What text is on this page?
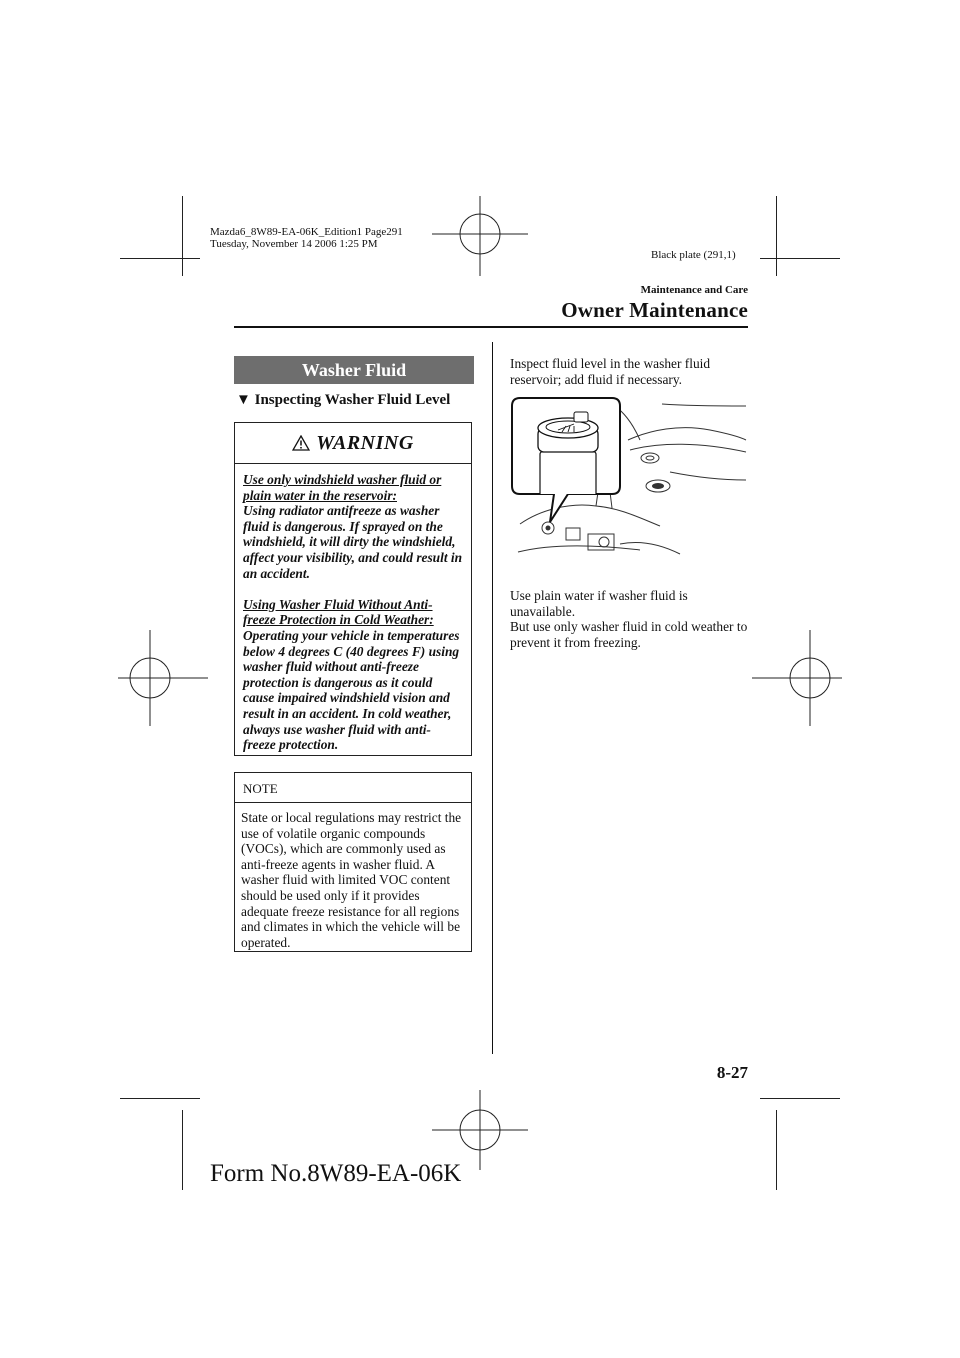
Mazda6_8W89-EA-06K_Edition1 Page291
Tuesday, November 14 2006 1:25 PM
Black plate (291,1)
Maintenance and Care
Owner Maintenance
Washer Fluid
▼ Inspecting Washer Fluid Level
WARNING
Use only windshield washer fluid or plain water in the reservoir:
Using radiator antifreeze as washer fluid is dangerous. If sprayed on the windshield, it will dirty the windshield, affect your visibility, and could result in an accident.
Using Washer Fluid Without Anti-freeze Protection in Cold Weather:
Operating your vehicle in temperatures below 4 degrees C (40 degrees F) using washer fluid without anti-freeze protection is dangerous as it could cause impaired windshield vision and result in an accident. In cold weather, always use washer fluid with anti-freeze protection.
NOTE
State or local regulations may restrict the use of volatile organic compounds (VOCs), which are commonly used as anti-freeze agents in washer fluid. A washer fluid with limited VOC content should be used only if it provides adequate freeze resistance for all regions and climates in which the vehicle will be operated.
Inspect fluid level in the washer fluid reservoir; add fluid if necessary.
Use plain water if washer fluid is unavailable.
But use only washer fluid in cold weather to prevent it from freezing.
8-27
Form No.8W89-EA-06K
